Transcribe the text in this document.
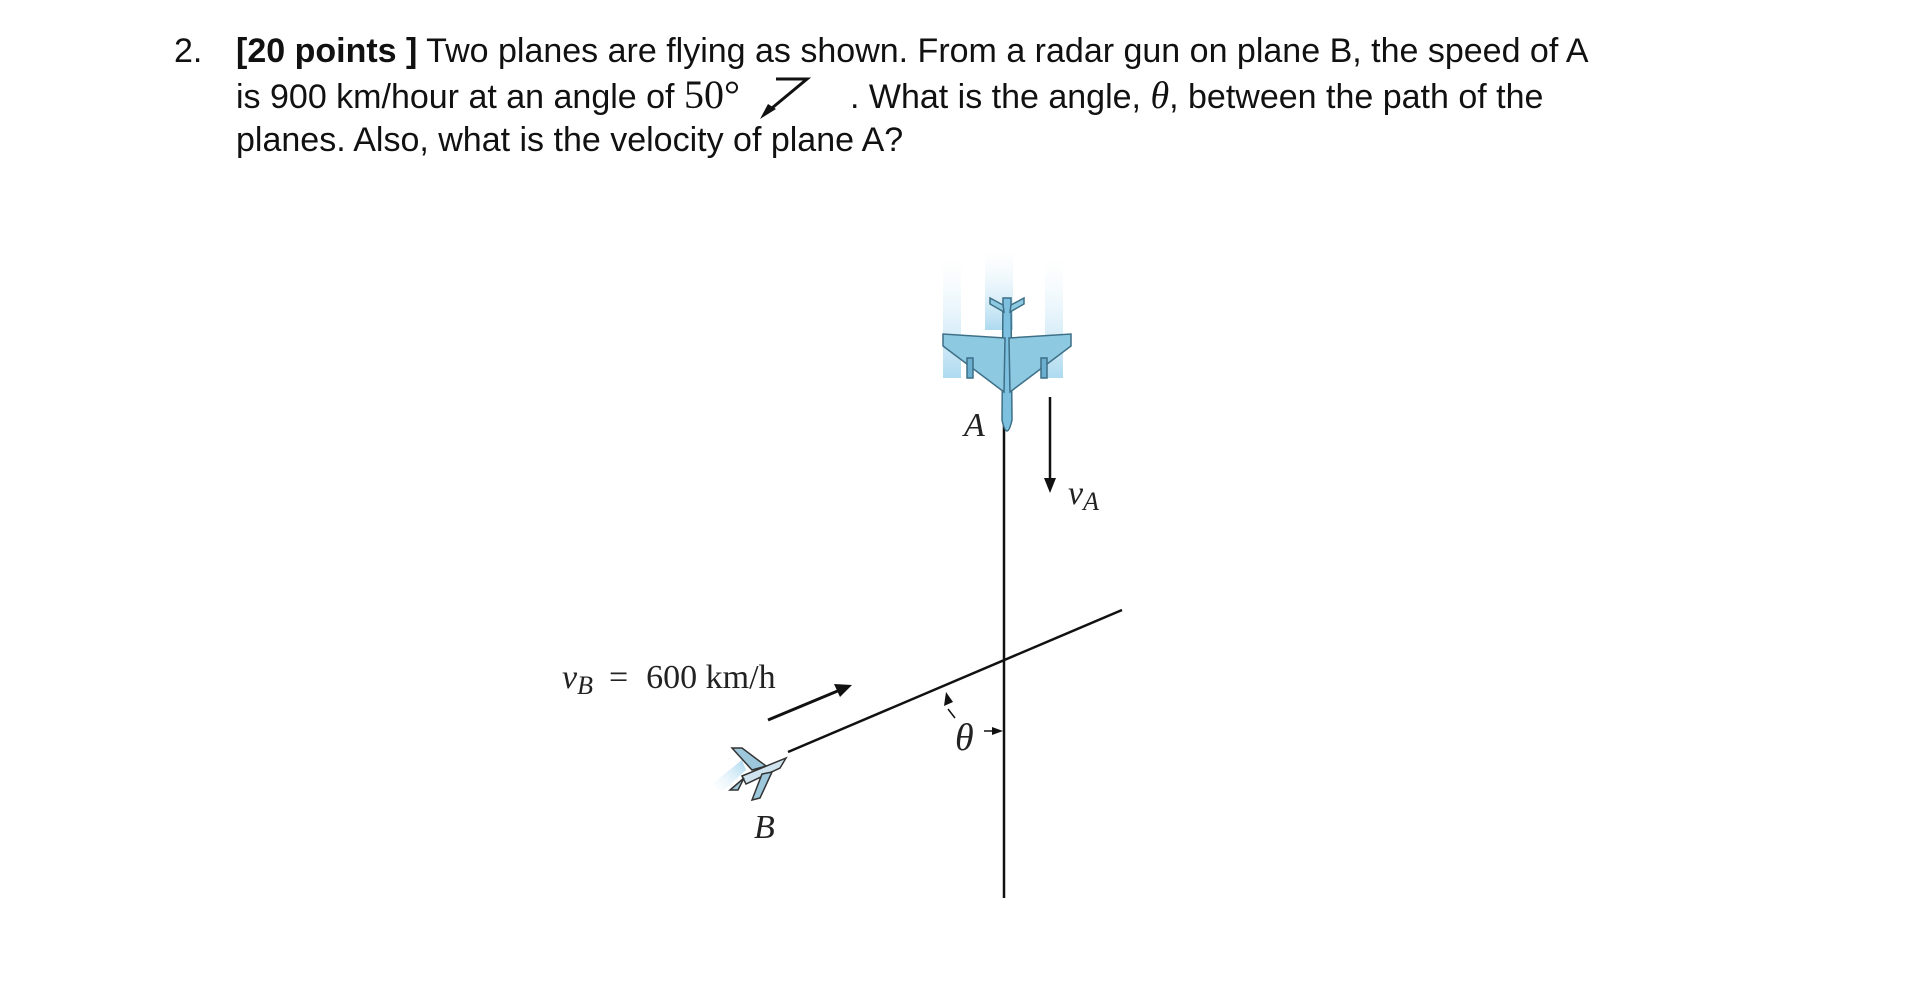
2. [20 points ] Two planes are flying as shown. From a radar gun on plane B, the speed of A
is 900 km/hour at an angle of 50°	. What is the angle, θ, between the path of the
planes. Also, what is the velocity of plane A?
A
B
θ
vA
vB = 600 km/h
